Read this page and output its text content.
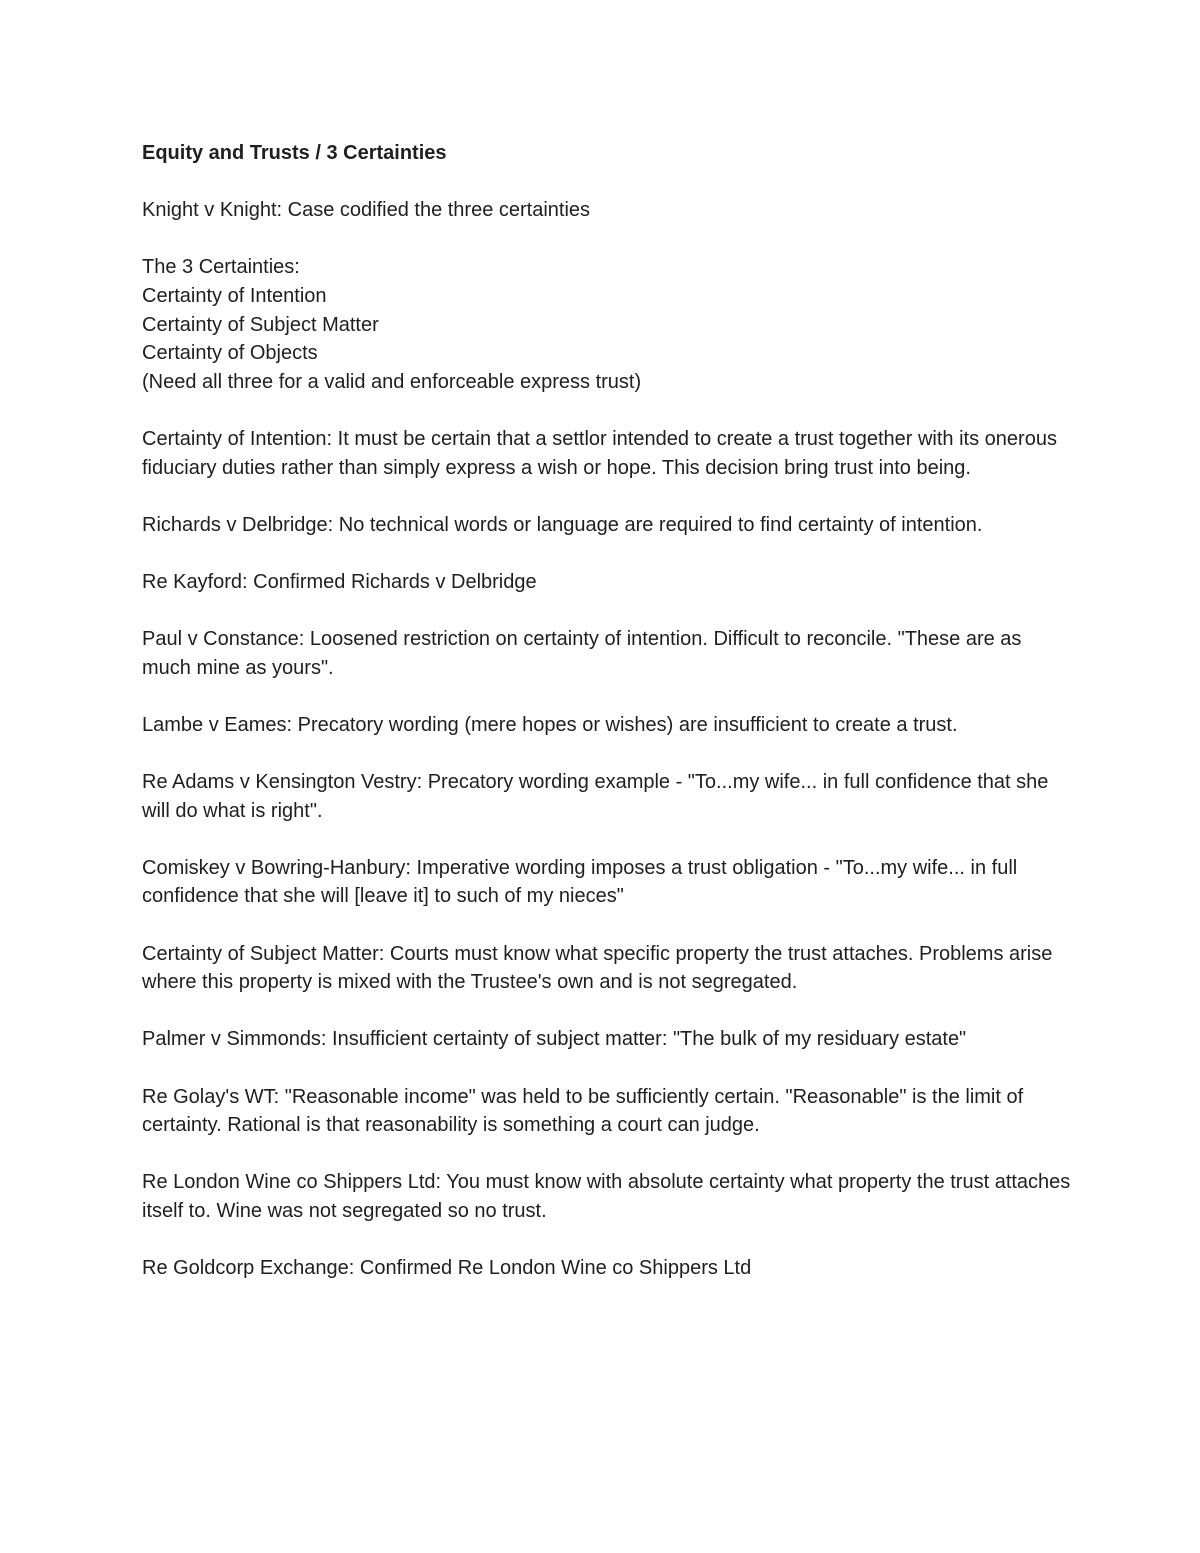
Equity and Trusts / 3 Certainties

Knight v Knight: Case codified the three certainties

The 3 Certainties:
Certainty of Intention
Certainty of Subject Matter
Certainty of Objects
(Need all three for a valid and enforceable express trust)

Certainty of Intention: It must be certain that a settlor intended to create a trust together with its onerous fiduciary duties rather than simply express a wish or hope. This decision bring trust into being.

Richards v Delbridge: No technical words or language are required to find certainty of intention.

Re Kayford: Confirmed Richards v Delbridge

Paul v Constance: Loosened restriction on certainty of intention. Difficult to reconcile. "These are as much mine as yours".

Lambe v Eames: Precatory wording (mere hopes or wishes) are insufficient to create a trust.

Re Adams v Kensington Vestry: Precatory wording example - "To...my wife... in full confidence that she will do what is right".

Comiskey v Bowring-Hanbury: Imperative wording imposes a trust obligation - "To...my wife... in full confidence that she will [leave it] to such of my nieces"

Certainty of Subject Matter: Courts must know what specific property the trust attaches. Problems arise where this property is mixed with the Trustee's own and is not segregated.

Palmer v Simmonds: Insufficient certainty of subject matter: "The bulk of my residuary estate"

Re Golay's WT: "Reasonable income" was held to be sufficiently certain. "Reasonable" is the limit of certainty. Rational is that reasonability is something a court can judge.

Re London Wine co Shippers Ltd: You must know with absolute certainty what property the trust attaches itself to. Wine was not segregated so no trust.

Re Goldcorp Exchange: Confirmed Re London Wine co Shippers Ltd
